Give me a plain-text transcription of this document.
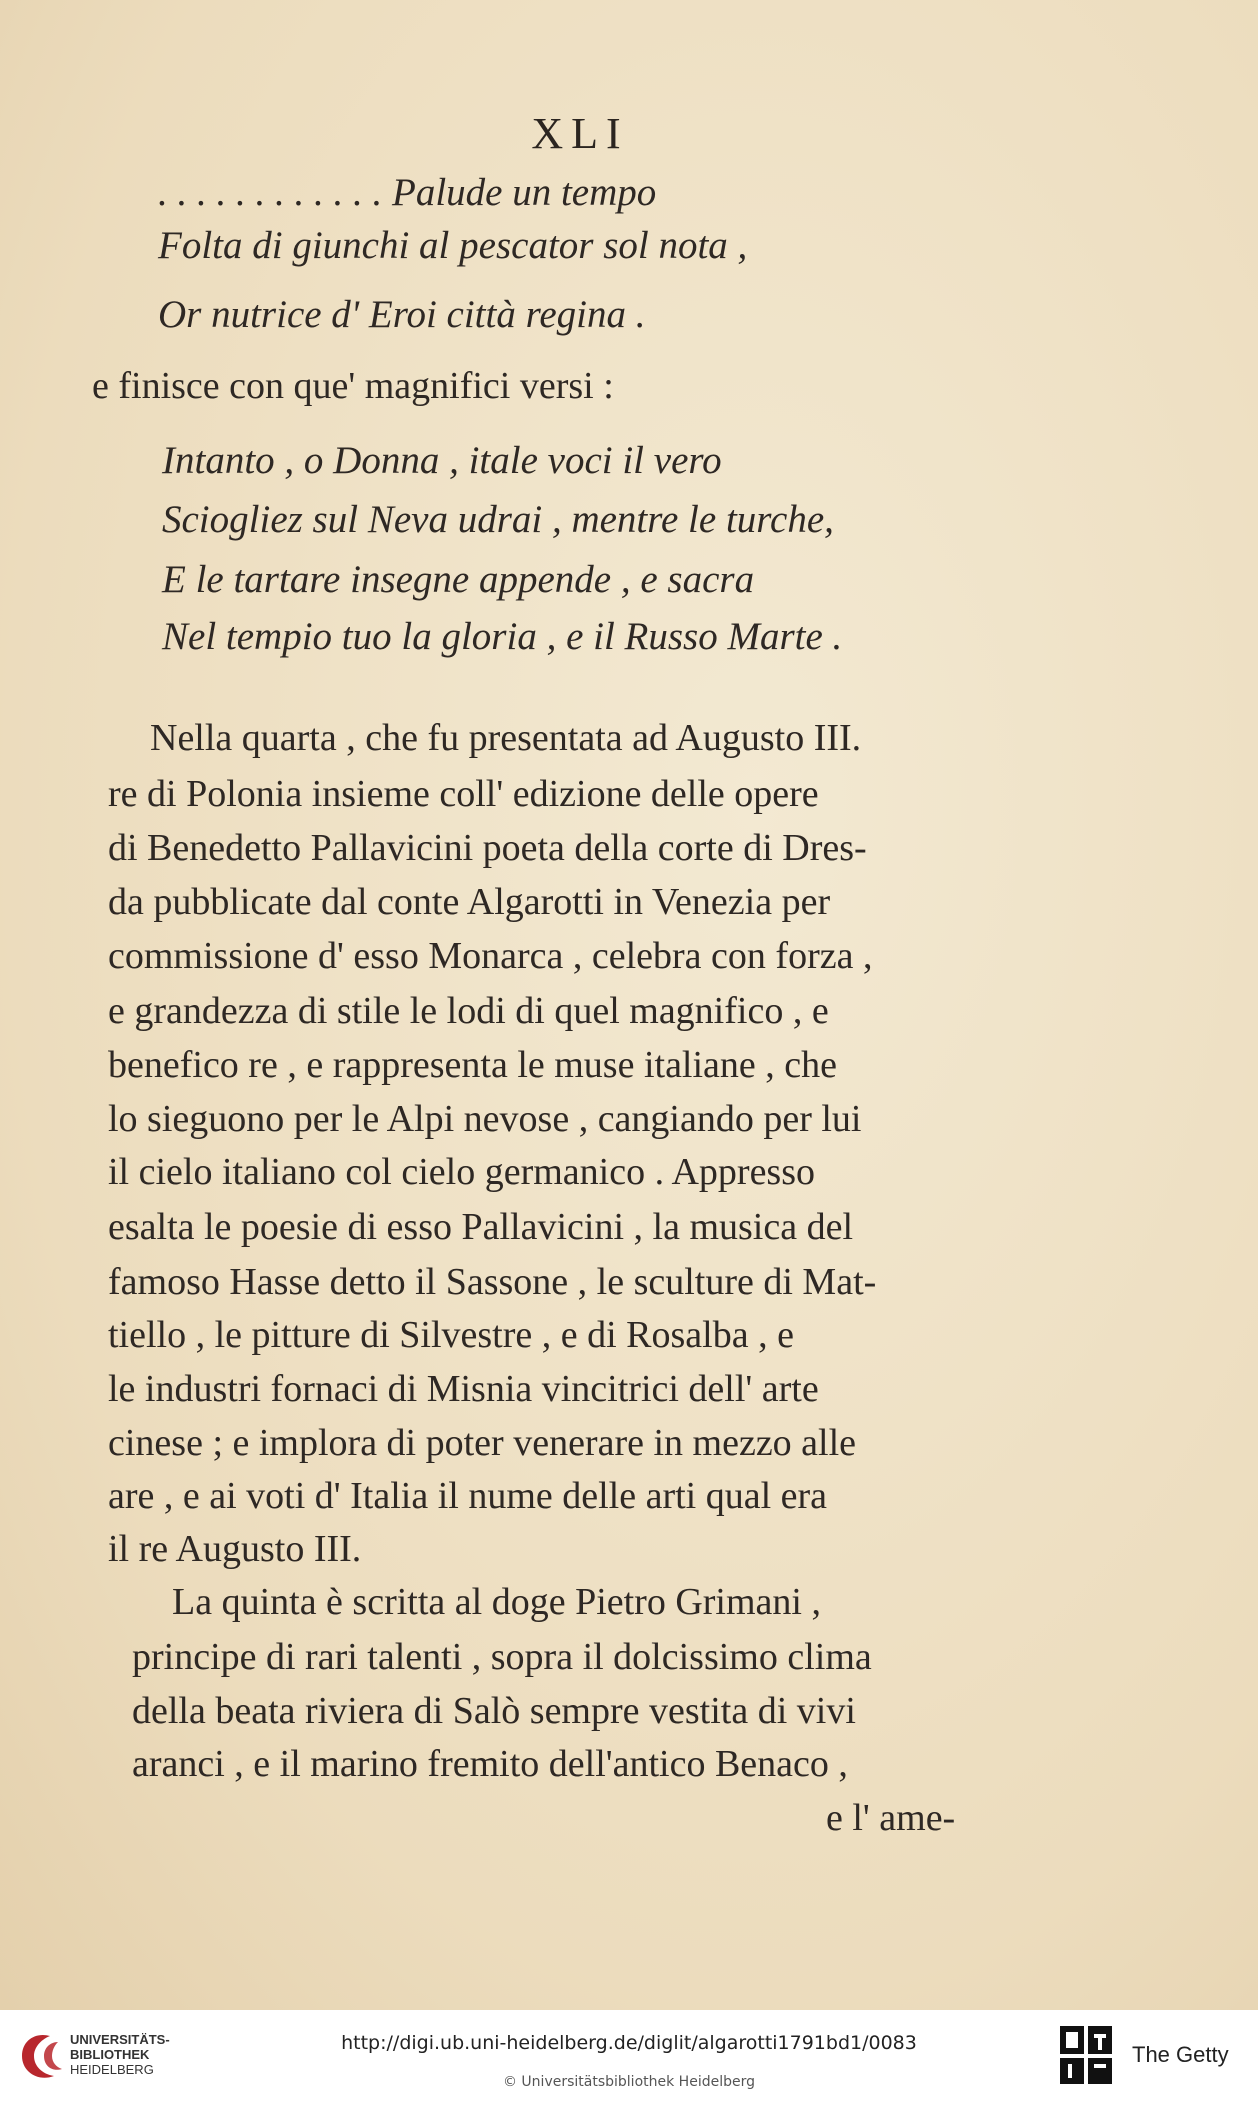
XLI
. . . . . . . . . . . . Palude un tempo
Folta di giunchi al pescator sol nota ,
Or nutrice d' Eroi città regina .
e finisce con que' magnifici versi :
Intanto , o Donna , itale voci il vero
Sciogliez sul Neva udrai , mentre le turche,
E le tartare insegne appende , e sacra
Nel tempio tuo la gloria , e il Russo Marte .
Nella quarta , che fu presentata ad Augusto III.
re di Polonia insieme coll' edizione delle opere
di Benedetto Pallavicini poeta della corte di Dres-
da pubblicate dal conte Algarotti in Venezia per
commissione d' esso Monarca , celebra con forza ,
e grandezza di stile le lodi di quel magnifico , e
benefico re , e rappresenta le muse italiane , che
lo sieguono per le Alpi nevose , cangiando per lui
il cielo italiano col cielo germanico . Appresso
esalta le poesie di esso Pallavicini , la musica del
famoso Hasse detto il Sassone , le sculture di Mat-
tiello , le pitture di Silvestre , e di Rosalba , e
le industri fornaci di Misnia vincitrici dell' arte
cinese ; e implora di poter venerare in mezzo alle
are , e ai voti d' Italia il nume delle arti qual era
il re Augusto III.
La quinta è scritta al doge Pietro Grimani ,
principe di rari talenti , sopra il dolcissimo clima
della beata riviera di Salò sempre vestita di vivi
aranci , e il marino fremito dell'antico Benaco ,
e l' ame-
UNIVERSITÄTS-
BIBLIOTHEK
HEIDELBERG
http://digi.ub.uni-heidelberg.de/diglit/algarotti1791bd1/0083
© Universitätsbibliothek Heidelberg
The Getty
